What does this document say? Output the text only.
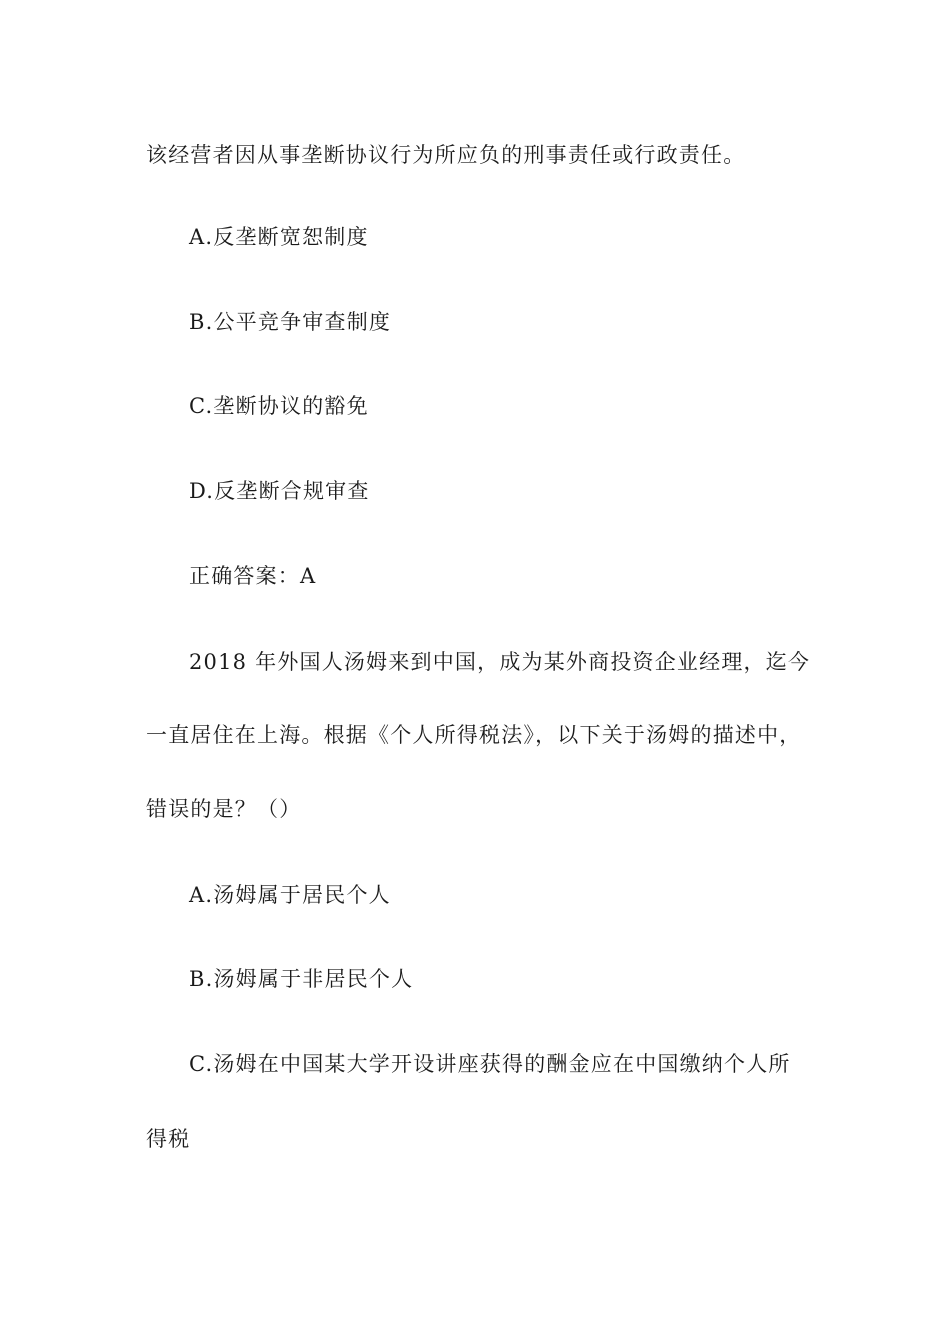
该经营者因从事垄断协议行为所应负的刑事责任或行政责任。
A.反垄断宽恕制度
B.公平竞争审查制度
C.垄断协议的豁免
D.反垄断合规审查
正确答案：A
2018 年外国人汤姆来到中国，成为某外商投资企业经理，迄今
一直居住在上海。根据《个人所得税法》，以下关于汤姆的描述中，
错误的是？（）
A.汤姆属于居民个人
B.汤姆属于非居民个人
C.汤姆在中国某大学开设讲座获得的酬金应在中国缴纳个人所
得税
